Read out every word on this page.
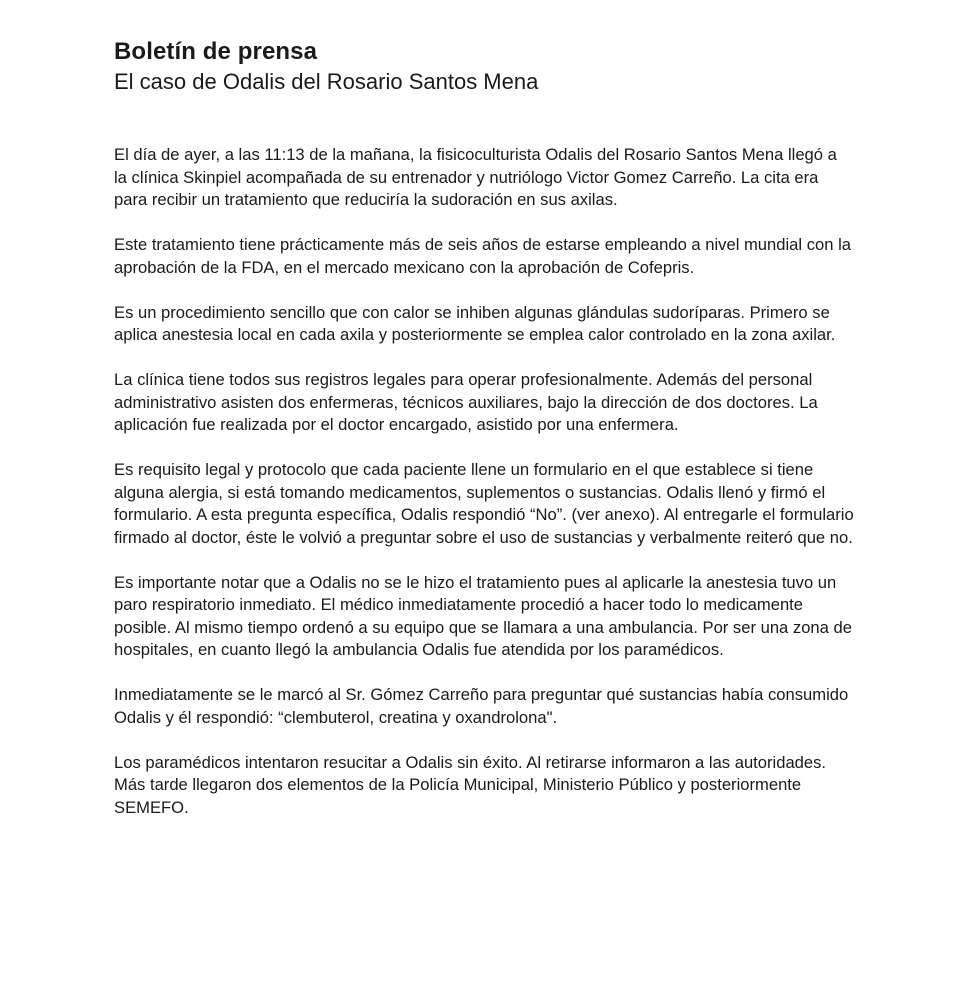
Boletín de prensa
El caso de Odalis del Rosario Santos Mena

El día de ayer, a las 11:13 de la mañana, la fisicoculturista Odalis del Rosario Santos Mena llegó a la clínica Skinpiel acompañada de su entrenador y nutriólogo Victor Gomez Carreño. La cita era para recibir un tratamiento que reduciría la sudoración en sus axilas.

Este tratamiento tiene prácticamente más de seis años de estarse empleando a nivel mundial con la aprobación de la FDA, en el mercado mexicano con la aprobación de Cofepris.

Es un procedimiento sencillo que con calor se inhiben algunas glándulas sudoríparas. Primero se aplica anestesia local en cada axila y posteriormente se emplea calor controlado en la zona axilar.

La clínica tiene todos sus registros legales para operar profesionalmente. Además del personal administrativo asisten dos enfermeras, técnicos auxiliares, bajo la dirección de dos doctores. La aplicación fue realizada por el doctor encargado, asistido por una enfermera.

Es requisito legal y protocolo que cada paciente llene un formulario en el que establece si tiene alguna alergia, si está tomando medicamentos, suplementos o sustancias. Odalis llenó y firmó el formulario. A esta pregunta específica, Odalis respondió “No”. (ver anexo). Al entregarle el formulario firmado al doctor, éste le volvió a preguntar sobre el uso de sustancias y verbalmente reiteró que no.

Es importante notar que a Odalis no se le hizo el tratamiento pues al aplicarle la anestesia tuvo un paro respiratorio inmediato. El médico inmediatamente procedió a hacer todo lo medicamente posible. Al mismo tiempo ordenó a su equipo que se llamara a una ambulancia. Por ser una zona de hospitales, en cuanto llegó la ambulancia Odalis fue atendida por los paramédicos.

Inmediatamente se le marcó al Sr. Gómez Carreño para preguntar qué sustancias había consumido Odalis y él respondió: “clembuterol, creatina y oxandrolona".

Los paramédicos intentaron resucitar a Odalis sin éxito. Al retirarse informaron a las autoridades. Más tarde llegaron dos elementos de la Policía Municipal, Ministerio Público y posteriormente SEMEFO.
